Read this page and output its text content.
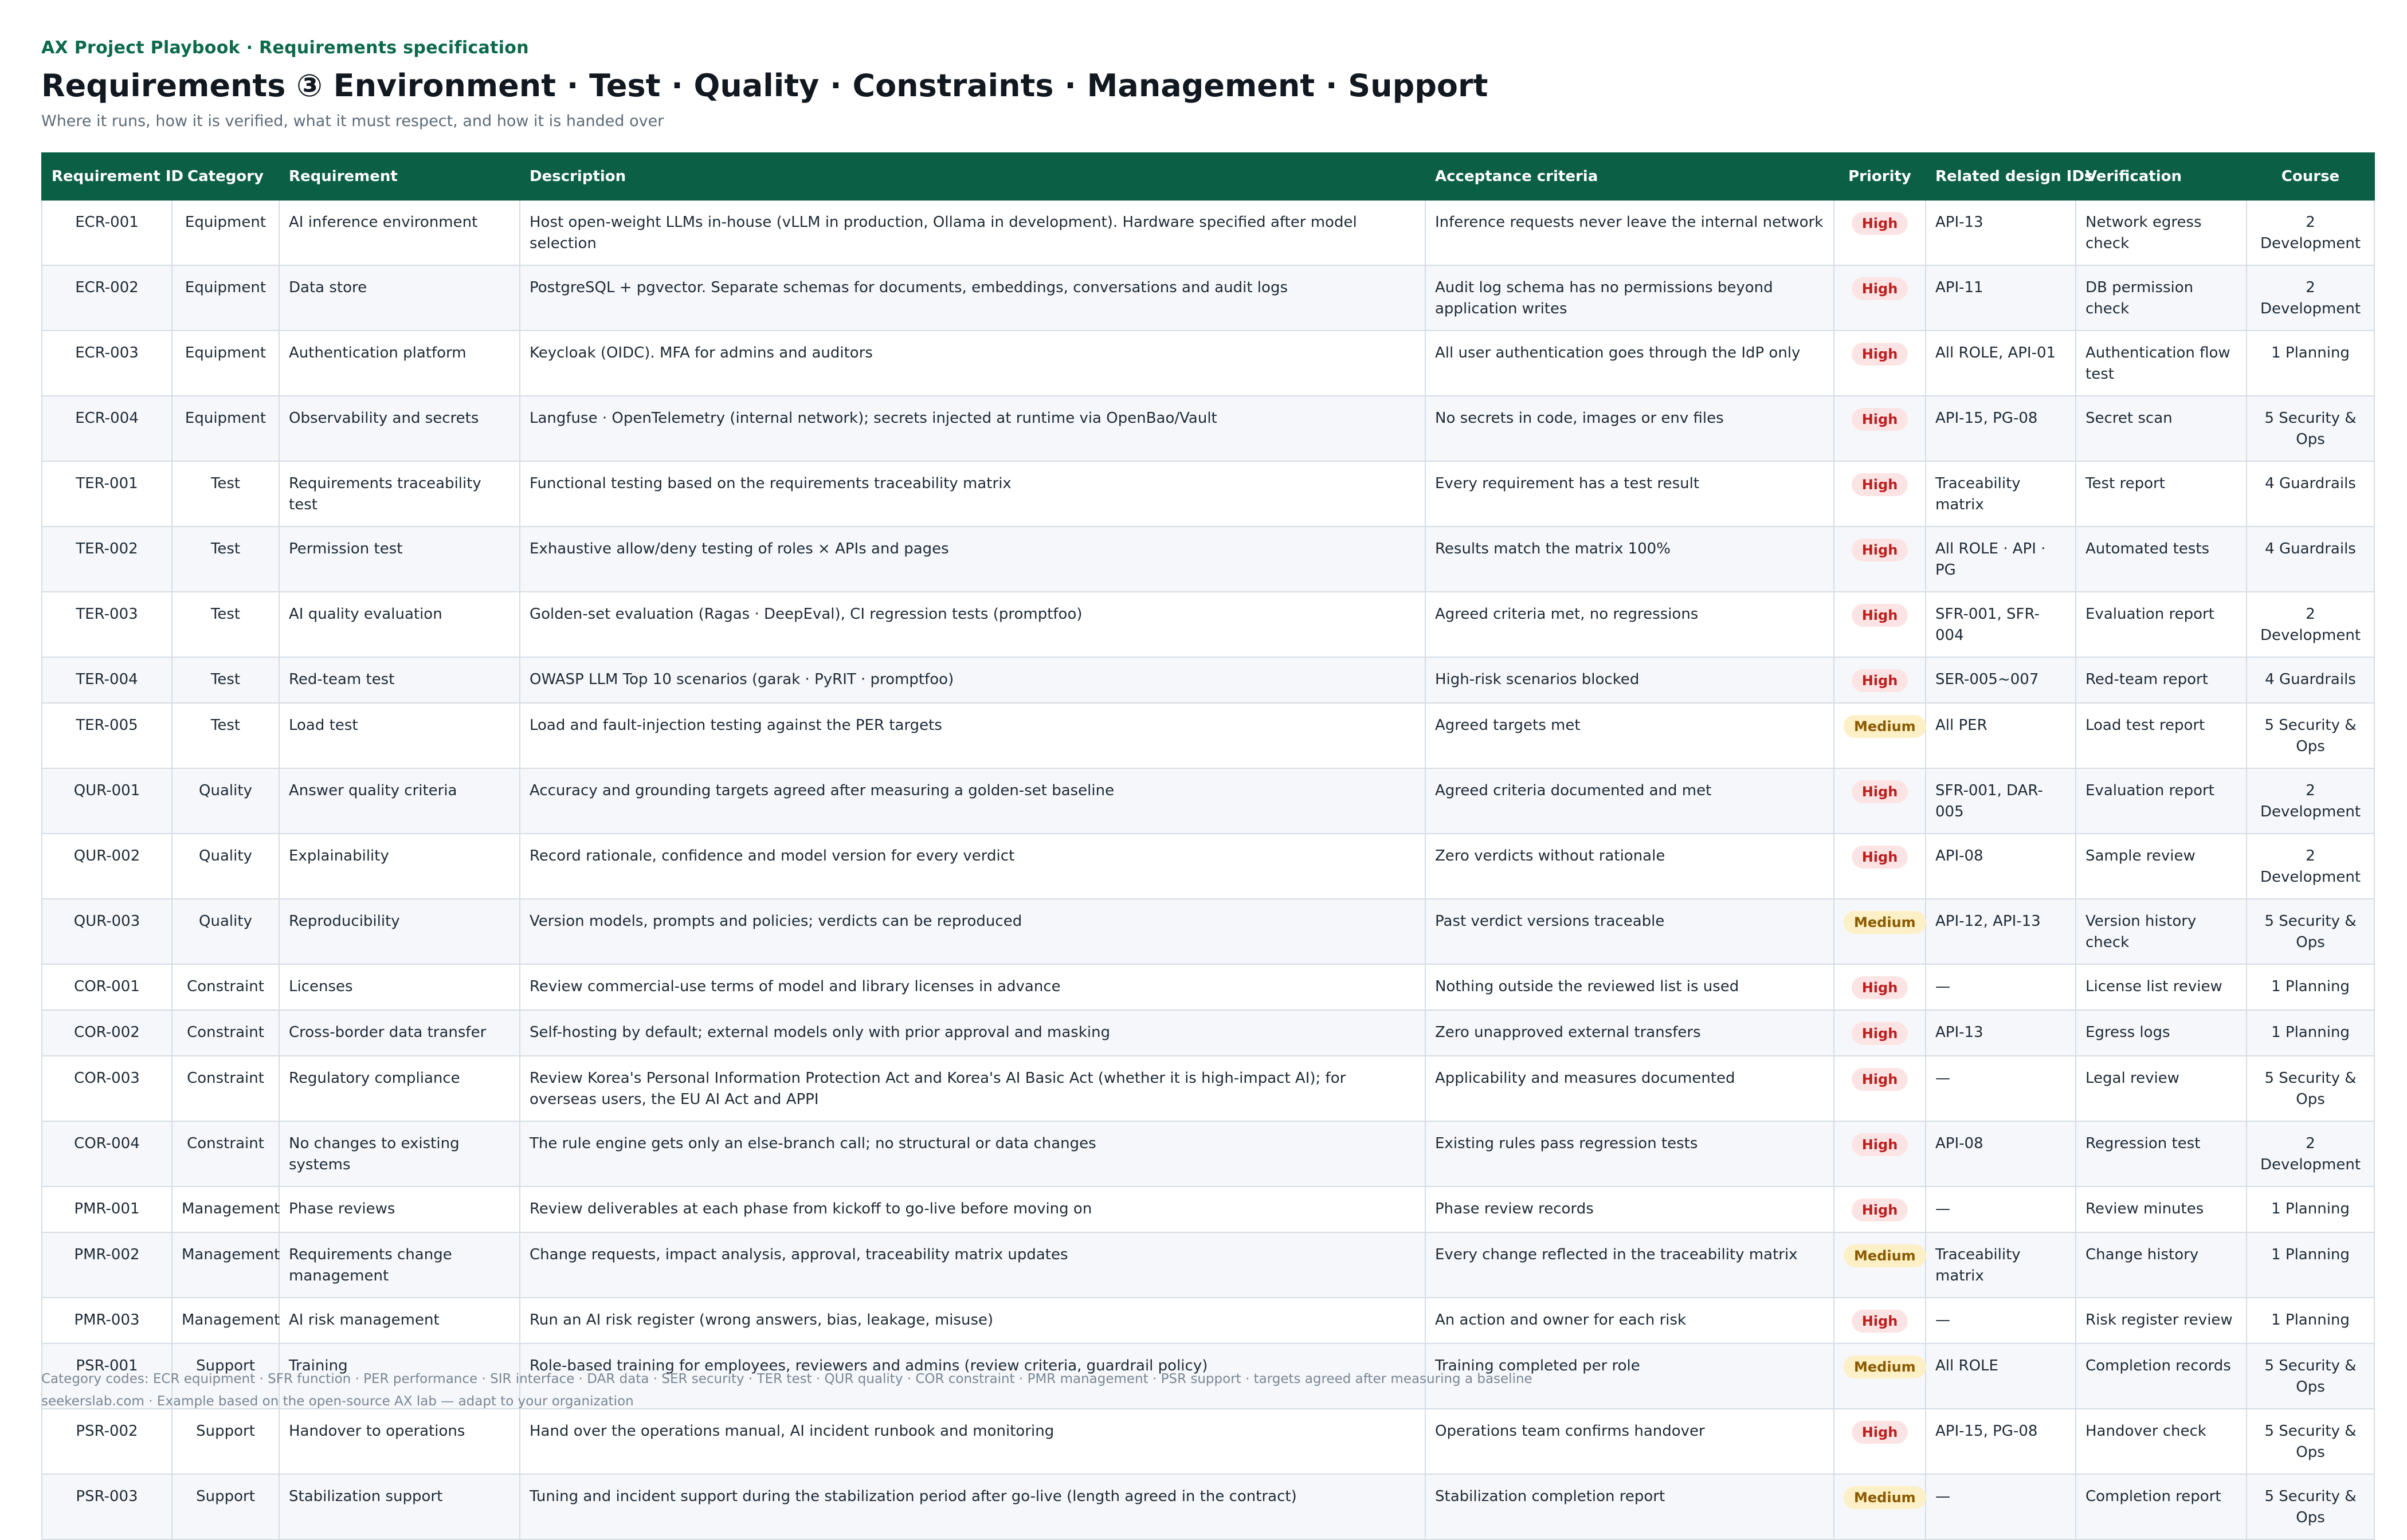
AX Project Playbook · Requirements specification
Requirements ③ Environment · Test · Quality · Constraints · Management · Support
Where it runs, how it is verified, what it must respect, and how it is handed over
Requirement ID	Category	Requirement	Description	Acceptance criteria	Priority	Related design IDs	Verification	Course
ECR-001	Equipment	AI inference environment	Host open-weight LLMs in-house (vLLM in production, Ollama in development). Hardware specified after model selection	Inference requests never leave the internal network	High	API-13	Network egress check	2 Development
ECR-002	Equipment	Data store	PostgreSQL + pgvector. Separate schemas for documents, embeddings, conversations and audit logs	Audit log schema has no permissions beyond application writes	High	API-11	DB permission check	2 Development
ECR-003	Equipment	Authentication platform	Keycloak (OIDC). MFA for admins and auditors	All user authentication goes through the IdP only	High	All ROLE, API-01	Authentication flow test	1 Planning
ECR-004	Equipment	Observability and secrets	Langfuse · OpenTelemetry (internal network); secrets injected at runtime via OpenBao/Vault	No secrets in code, images or env files	High	API-15, PG-08	Secret scan	5 Security & Ops
TER-001	Test	Requirements traceability test	Functional testing based on the requirements traceability matrix	Every requirement has a test result	High	Traceability matrix	Test report	4 Guardrails
TER-002	Test	Permission test	Exhaustive allow/deny testing of roles × APIs and pages	Results match the matrix 100%	High	All ROLE · API · PG	Automated tests	4 Guardrails
TER-003	Test	AI quality evaluation	Golden-set evaluation (Ragas · DeepEval), CI regression tests (promptfoo)	Agreed criteria met, no regressions	High	SFR-001, SFR-004	Evaluation report	2 Development
TER-004	Test	Red-team test	OWASP LLM Top 10 scenarios (garak · PyRIT · promptfoo)	High-risk scenarios blocked	High	SER-005~007	Red-team report	4 Guardrails
TER-005	Test	Load test	Load and fault-injection testing against the PER targets	Agreed targets met	Medium	All PER	Load test report	5 Security & Ops
QUR-001	Quality	Answer quality criteria	Accuracy and grounding targets agreed after measuring a golden-set baseline	Agreed criteria documented and met	High	SFR-001, DAR-005	Evaluation report	2 Development
QUR-002	Quality	Explainability	Record rationale, confidence and model version for every verdict	Zero verdicts without rationale	High	API-08	Sample review	2 Development
QUR-003	Quality	Reproducibility	Version models, prompts and policies; verdicts can be reproduced	Past verdict versions traceable	Medium	API-12, API-13	Version history check	5 Security & Ops
COR-001	Constraint	Licenses	Review commercial-use terms of model and library licenses in advance	Nothing outside the reviewed list is used	High	—	License list review	1 Planning
COR-002	Constraint	Cross-border data transfer	Self-hosting by default; external models only with prior approval and masking	Zero unapproved external transfers	High	API-13	Egress logs	1 Planning
COR-003	Constraint	Regulatory compliance	Review Korea's Personal Information Protection Act and Korea's AI Basic Act (whether it is high-impact AI); for overseas users, the EU AI Act and APPI	Applicability and measures documented	High	—	Legal review	5 Security & Ops
COR-004	Constraint	No changes to existing systems	The rule engine gets only an else-branch call; no structural or data changes	Existing rules pass regression tests	High	API-08	Regression test	2 Development
PMR-001	Management	Phase reviews	Review deliverables at each phase from kickoff to go-live before moving on	Phase review records	High	—	Review minutes	1 Planning
PMR-002	Management	Requirements change management	Change requests, impact analysis, approval, traceability matrix updates	Every change reflected in the traceability matrix	Medium	Traceability matrix	Change history	1 Planning
PMR-003	Management	AI risk management	Run an AI risk register (wrong answers, bias, leakage, misuse)	An action and owner for each risk	High	—	Risk register review	1 Planning
PSR-001	Support	Training	Role-based training for employees, reviewers and admins (review criteria, guardrail policy)	Training completed per role	Medium	All ROLE	Completion records	5 Security & Ops
PSR-002	Support	Handover to operations	Hand over the operations manual, AI incident runbook and monitoring	Operations team confirms handover	High	API-15, PG-08	Handover check	5 Security & Ops
PSR-003	Support	Stabilization support	Tuning and incident support during the stabilization period after go-live (length agreed in the contract)	Stabilization completion report	Medium	—	Completion report	5 Security & Ops
Category codes: ECR equipment · SFR function · PER performance · SIR interface · DAR data · SER security · TER test · QUR quality · COR constraint · PMR management · PSR support · targets agreed after measuring a baseline
seekerslab.com · Example based on the open-source AX lab — adapt to your organization
